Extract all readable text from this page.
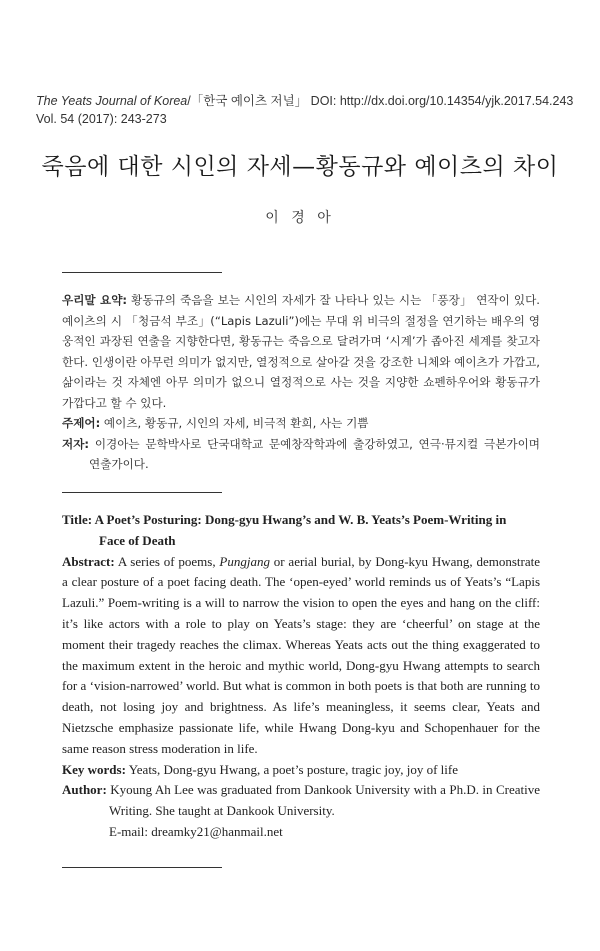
The Yeats Journal of Korea/「한국 예이츠 저널」 DOI: http://dx.doi.org/10.14354/yjk.2017.54.243
Vol. 54 (2017): 243-273
죽음에 대한 시인의 자세—황동규와 예이츠의 차이
이 경 아

우리말 요약: 황동규의 죽음을 보는 시인의 자세가 잘 나타나 있는 시는 「풍장」 연작이 있다. 예이츠의 시 「청금석 부조」(“Lapis Lazuli”)에는 무대 위 비극의 절정을 연기하는 배우의 영웅적인 과장된 연출을 지향한다면, 황동규는 죽음으로 달려가며 ‘시계’가 좁아진 세계를 찾고자 한다. 인생이란 아무런 의미가 없지만, 열정적으로 살아갈 것을 강조한 니체와 예이츠가 가깝고, 삶이라는 것 자체엔 아무 의미가 없으니 열정적으로 사는 것을 지양한 쇼펜하우어와 황동규가 가깝다고 할 수 있다.

주제어: 예이츠, 황동규, 시인의 자세, 비극적 환희, 사는 기쁨

저자: 이경아는 문학박사로 단국대학교 문예창작학과에 출강하였고, 연극·뮤지컬 극본가이며 연출가이다.

Title: A Poet’s Posturing: Dong-gyu Hwang’s and W. B. Yeats’s Poem-Writing in
Face of Death

Abstract: A series of poems, Pungjang or aerial burial, by Dong-kyu Hwang, demonstrate a clear posture of a poet facing death. The ‘open-eyed’ world reminds us of Yeats’s “Lapis Lazuli.” Poem-writing is a will to narrow the vision to open the eyes and hang on the cliff: it’s like actors with a role to play on Yeats’s stage: they are ‘cheerful’ on stage at the moment their tragedy reaches the climax. Whereas Yeats acts out the thing exaggerated to the maximum extent in the heroic and mythic world, Dong-gyu Hwang attempts to search for a ‘vision-narrowed’ world. But what is common in both poets is that both are running to death, not losing joy and brightness. As life’s meaningless, it seems clear, Yeats and Nietzsche emphasize passionate life, while Hwang Dong-kyu and Schopenhauer for the same reason stress moderation in life.

Key words: Yeats, Dong-gyu Hwang, a poet’s posture, tragic joy, joy of life

Author: Kyoung Ah Lee was graduated from Dankook University with a Ph.D. in Creative Writing. She taught at Dankook University.
E-mail: dreamky21@hanmail.net
